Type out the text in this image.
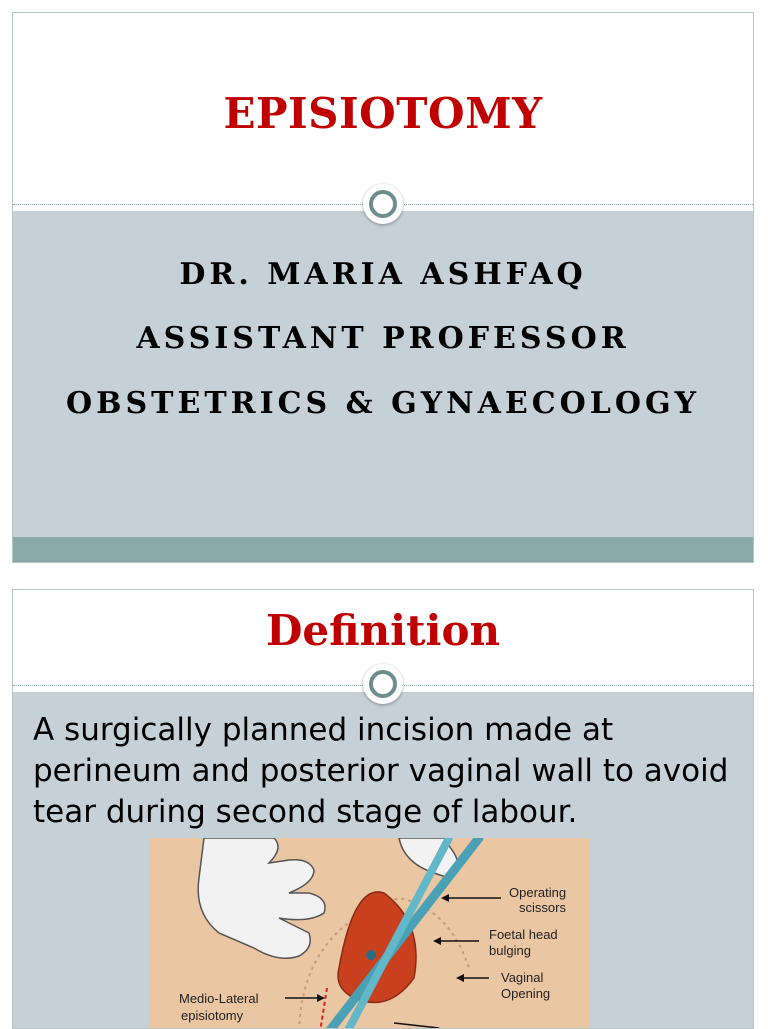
EPISIOTOMY

DR. MARIA ASHFAQ

ASSISTANT PROFESSOR

OBSTETRICS & GYNAECOLOGY

Definition

A surgically planned incision made at perineum and posterior vaginal wall to avoid tear during second stage of labour.

Operating
scissors
Foetal head
bulging
Vaginal
Opening
Medio-Lateral
episiotomy
